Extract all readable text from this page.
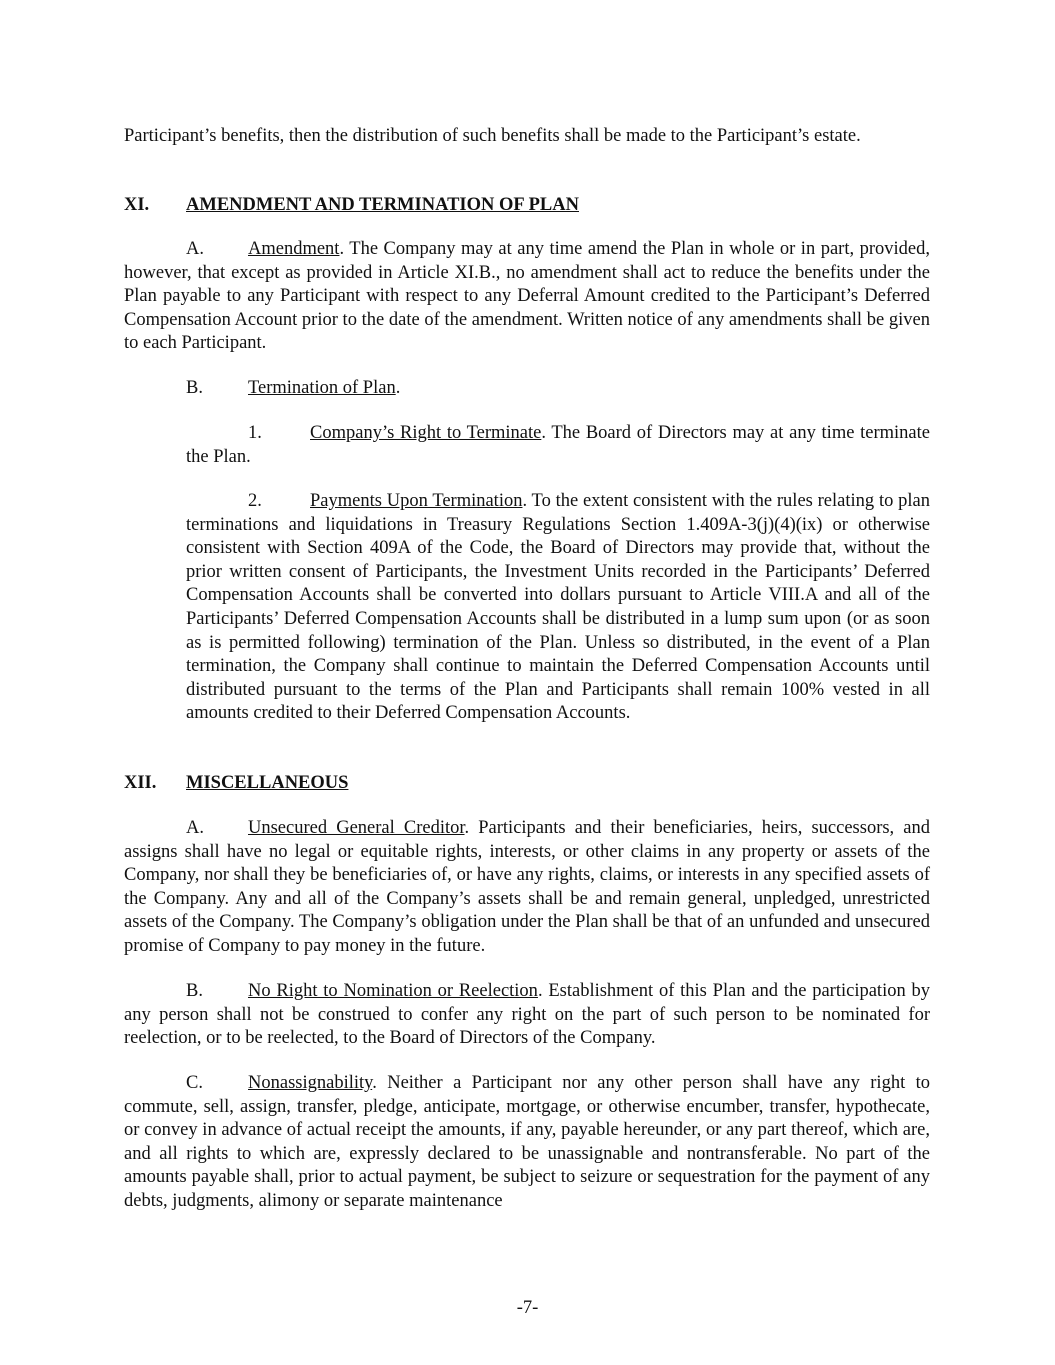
Participant’s benefits, then the distribution of such benefits shall be made to the Participant’s estate.

XI. AMENDMENT AND TERMINATION OF PLAN

A. Amendment. The Company may at any time amend the Plan in whole or in part, provided, however, that except as provided in Article XI.B., no amendment shall act to reduce the benefits under the Plan payable to any Participant with respect to any Deferral Amount credited to the Participant’s Deferred Compensation Account prior to the date of the amendment. Written notice of any amendments shall be given to each Participant.

B. Termination of Plan.

1.	Company’s Right to Terminate. The Board of Directors may at any time terminate the Plan.

2.	Payments Upon Termination. To the extent consistent with the rules relating to plan terminations and liquidations in Treasury Regulations Section 1.409A-3(j)(4)(ix) or otherwise consistent with Section 409A of the Code, the Board of Directors may provide that, without the prior written consent of Participants, the Investment Units recorded in the Participants’ Deferred Compensation Accounts shall be converted into dollars pursuant to Article VIII.A and all of the Participants’ Deferred Compensation Accounts shall be distributed in a lump sum upon (or as soon as is permitted following) termination of the Plan. Unless so distributed, in the event of a Plan termination, the Company shall continue to maintain the Deferred Compensation Accounts until distributed pursuant to the terms of the Plan and Participants shall remain 100% vested in all amounts credited to their Deferred Compensation Accounts.

XII. MISCELLANEOUS

A. Unsecured General Creditor. Participants and their beneficiaries, heirs, successors, and assigns shall have no legal or equitable rights, interests, or other claims in any property or assets of the Company, nor shall they be beneficiaries of, or have any rights, claims, or interests in any specified assets of the Company. Any and all of the Company’s assets shall be and remain general, unpledged, unrestricted assets of the Company. The Company’s obligation under the Plan shall be that of an unfunded and unsecured promise of Company to pay money in the future.

B. No Right to Nomination or Reelection. Establishment of this Plan and the participation by any person shall not be construed to confer any right on the part of such person to be nominated for reelection, or to be reelected, to the Board of Directors of the Company.

C. Nonassignability. Neither a Participant nor any other person shall have any right to commute, sell, assign, transfer, pledge, anticipate, mortgage, or otherwise encumber, transfer, hypothecate, or convey in advance of actual receipt the amounts, if any, payable hereunder, or any part thereof, which are, and all rights to which are, expressly declared to be unassignable and nontransferable. No part of the amounts payable shall, prior to actual payment, be subject to seizure or sequestration for the payment of any debts, judgments, alimony or separate maintenance

-7-
